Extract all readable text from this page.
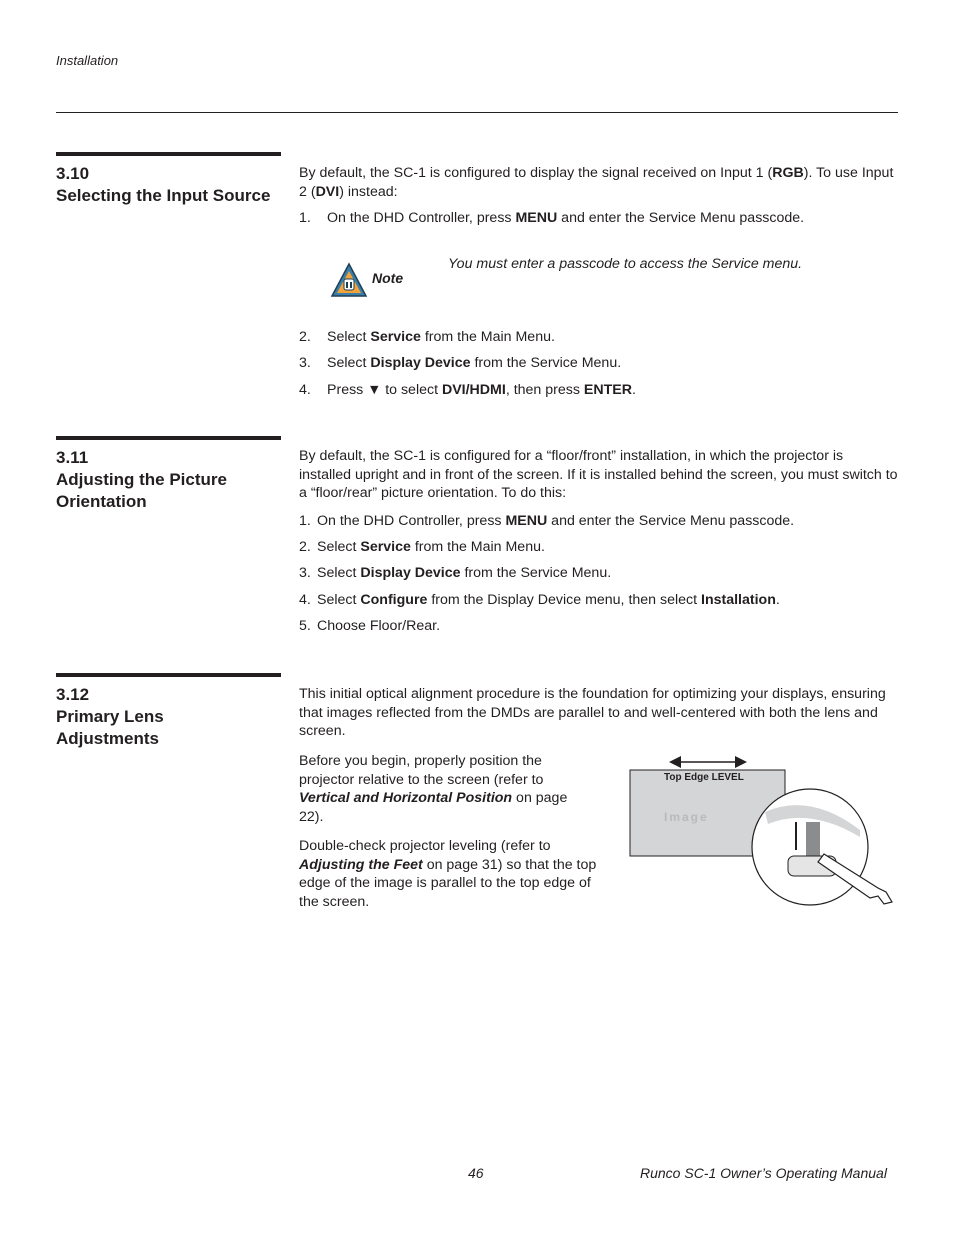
Installation
3.10
Selecting the Input Source
By default, the SC-1 is configured to display the signal received on Input 1 (RGB). To use Input 2 (DVI) instead:
1. On the DHD Controller, press MENU and enter the Service Menu passcode.
Note
You must enter a passcode to access the Service menu.
2. Select Service from the Main Menu.
3. Select Display Device from the Service Menu.
4. Press ▼ to select DVI/HDMI, then press ENTER.
3.11
Adjusting the Picture Orientation
By default, the SC-1 is configured for a “floor/front” installation, in which the projector is installed upright and in front of the screen. If it is installed behind the screen, you must switch to a “floor/rear” picture orientation. To do this:
1. On the DHD Controller, press MENU and enter the Service Menu passcode.
2. Select Service from the Main Menu.
3. Select Display Device from the Service Menu.
4. Select Configure from the Display Device menu, then select Installation.
5. Choose Floor/Rear.
3.12
Primary Lens Adjustments
This initial optical alignment procedure is the foundation for optimizing your displays, ensuring that images reflected from the DMDs are parallel to and well-centered with both the lens and screen.
Before you begin, properly position the projector relative to the screen (refer to Vertical and Horizontal Position on page 22).
Double-check projector leveling (refer to Adjusting the Feet on page 31) so that the top edge of the image is parallel to the top edge of the screen.
Top Edge LEVEL
Image
46	Runco SC-1 Owner’s Operating Manual
